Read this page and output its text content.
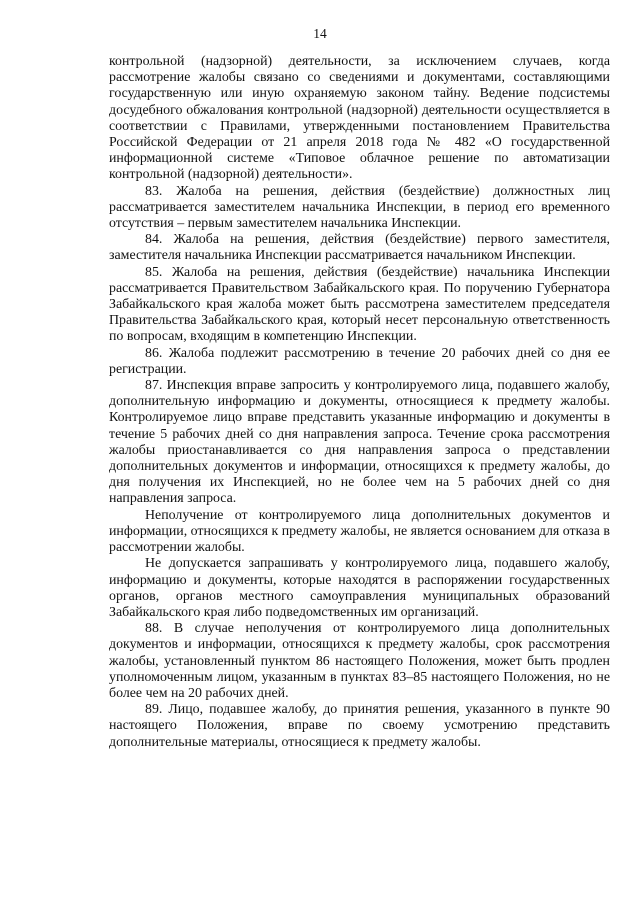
14

контрольной (надзорной) деятельности, за исключением случаев, когда рассмотрение жалобы связано со сведениями и документами, составляющими государственную или иную охраняемую законом тайну. Ведение подсистемы досудебного обжалования контрольной (надзорной) деятельности осуществляется в соответствии с Правилами, утвержденными постановлением Правительства Российской Федерации от 21 апреля 2018 года № 482 «О государственной информационной системе «Типовое облачное решение по автоматизации контрольной (надзорной) деятельности».

83. Жалоба на решения, действия (бездействие) должностных лиц рассматривается заместителем начальника Инспекции, в период его временного отсутствия – первым заместителем начальника Инспекции.

84. Жалоба на решения, действия (бездействие) первого заместителя, заместителя начальника Инспекции рассматривается начальником Инспекции.

85. Жалоба на решения, действия (бездействие) начальника Инспекции рассматривается Правительством Забайкальского края. По поручению Губернатора Забайкальского края жалоба может быть рассмотрена заместителем председателя Правительства Забайкальского края, который несет персональную ответственность по вопросам, входящим в компетенцию Инспекции.

86. Жалоба подлежит рассмотрению в течение 20 рабочих дней со дня ее регистрации.

87. Инспекция вправе запросить у контролируемого лица, подавшего жалобу, дополнительную информацию и документы, относящиеся к предмету жалобы. Контролируемое лицо вправе представить указанные информацию и документы в течение 5 рабочих дней со дня направления запроса. Течение срока рассмотрения жалобы приостанавливается со дня направления запроса о представлении дополнительных документов и информации, относящихся к предмету жалобы, до дня получения их Инспекцией, но не более чем на 5 рабочих дней со дня направления запроса.

Неполучение от контролируемого лица дополнительных документов и информации, относящихся к предмету жалобы, не является основанием для отказа в рассмотрении жалобы.

Не допускается запрашивать у контролируемого лица, подавшего жалобу, информацию и документы, которые находятся в распоряжении государственных органов, органов местного самоуправления муниципальных образований Забайкальского края либо подведомственных им организаций.

88. В случае неполучения от контролируемого лица дополнительных документов и информации, относящихся к предмету жалобы, срок рассмотрения жалобы, установленный пунктом 86 настоящего Положения, может быть продлен уполномоченным лицом, указанным в пунктах 83–85 настоящего Положения, но не более чем на 20 рабочих дней.

89. Лицо, подавшее жалобу, до принятия решения, указанного в пункте 90 настоящего Положения, вправе по своему усмотрению представить дополнительные материалы, относящиеся к предмету жалобы.
